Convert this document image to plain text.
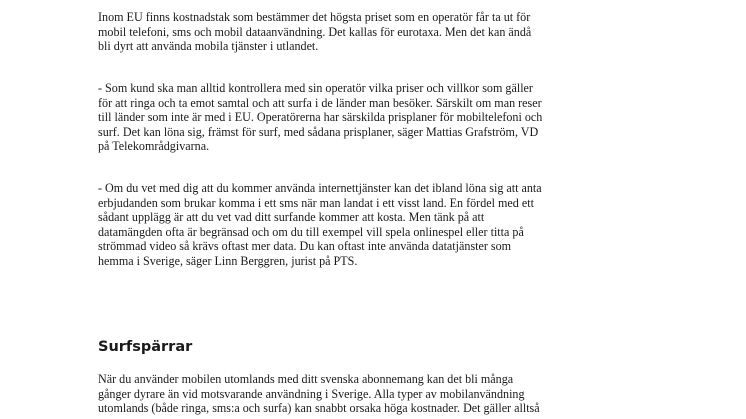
Inom EU finns kostnadstak som bestämmer det högsta priset som en operatör får ta ut för
mobil telefoni, sms och mobil dataanvändning. Det kallas för eurotaxa. Men det kan ändå
bli dyrt att använda mobila tjänster i utlandet.

- Som kund ska man alltid kontrollera med sin operatör vilka priser och villkor som gäller
för att ringa och ta emot samtal och att surfa i de länder man besöker. Särskilt om man reser
till länder som inte är med i EU. Operatörerna har särskilda prisplaner för mobiltelefoni och
surf. Det kan löna sig, främst för surf, med sådana prisplaner, säger Mattias Grafström, VD
på Telekområdgivarna.

- Om du vet med dig att du kommer använda internettjänster kan det ibland löna sig att anta
erbjudanden som brukar komma i ett sms när man landat i ett visst land. En fördel med ett
sådant upplägg är att du vet vad ditt surfande kommer att kosta. Men tänk på att
datamängden ofta är begränsad och om du till exempel vill spela onlinespel eller titta på
strömmad video så krävs oftast mer data. Du kan oftast inte använda datatjänster som
hemma i Sverige, säger Linn Berggren, jurist på PTS.

Surfspärrar

När du använder mobilen utomlands med ditt svenska abonnemang kan det bli många
gånger dyrare än vid motsvarande användning i Sverige. Alla typer av mobilanvändning
utomlands (både ringa, sms:a och surfa) kan snabbt orsaka höga kostnader. Det gäller alltså
